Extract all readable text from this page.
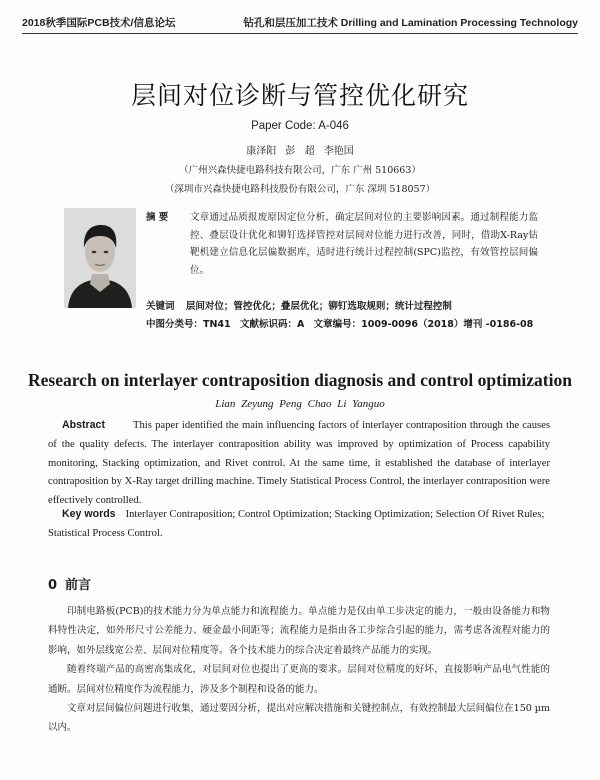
2018秋季国际PCB技术/信息论坛	钻孔和层压加工技术 Drilling and Lamination Processing Technology
层间对位诊断与管控优化研究
Paper Code: A-046
康泽阳 彭 超 李艳国
（广州兴森快捷电路科技有限公司，广东 广州 510663）
（深圳市兴森快捷电路科技股份有限公司，广东 深圳 518057）
摘 要 文章通过品质报废原因定位分析，确定层间对位的主要影响因素。通过制程能力监控、叠层设计优化和铆钉选择管控对层间对位能力进行改善，同时，借助X-Ray钻靶机建立信息化层偏数据库，适时进行统计过程控制(SPC)监控，有效管控层间偏位。
关键词 层间对位；管控优化；叠层优化；铆钉选取规则；统计过程控制
中图分类号：TN41 文献标识码：A 文章编号：1009-0096（2018）增刊 -0186-08
Research on interlayer contraposition diagnosis and control optimization
Lian Zeyung Peng Chao Li Yanguo
Abstract	This paper identified the main influencing factors of interlayer contraposition through the causes of the quality defects. The interlayer contraposition ability was improved by optimization of Process capability monitoring, Stacking optimization, and Rivet control. At the same time, it established the database of interlayer contraposition by X-Ray target drilling machine. Timely Statistical Process Control, the interlayer contraposition were effectively controlled.
Key words Interlayer Contraposition; Control Optimization; Stacking Optimization; Selection Of Rivet Rules; Statistical Process Control.
0 前言

印制电路板(PCB)的技术能力分为单点能力和流程能力。单点能力是仅由单工步决定的能力，一般由设备能力和物料特性决定，如外形尺寸公差能力、硬金最小间距等；流程能力是指由各工步综合引起的能力，需考虑各流程对能力的影响，如外层线宽公差、层间对位精度等。各个技术能力的综合决定着最终产品能力的实现。

随着终端产品的高密高集成化，对层间对位也提出了更高的要求。层间对位精度的好坏，直接影响产品电气性能的通断。层间对位精度作为流程能力，涉及多个制程和设备的能力。

文章对层间偏位问题进行收集，通过要因分析，提出对应解决措施和关键控制点，有效控制最大层间偏位在150 µm以内。
